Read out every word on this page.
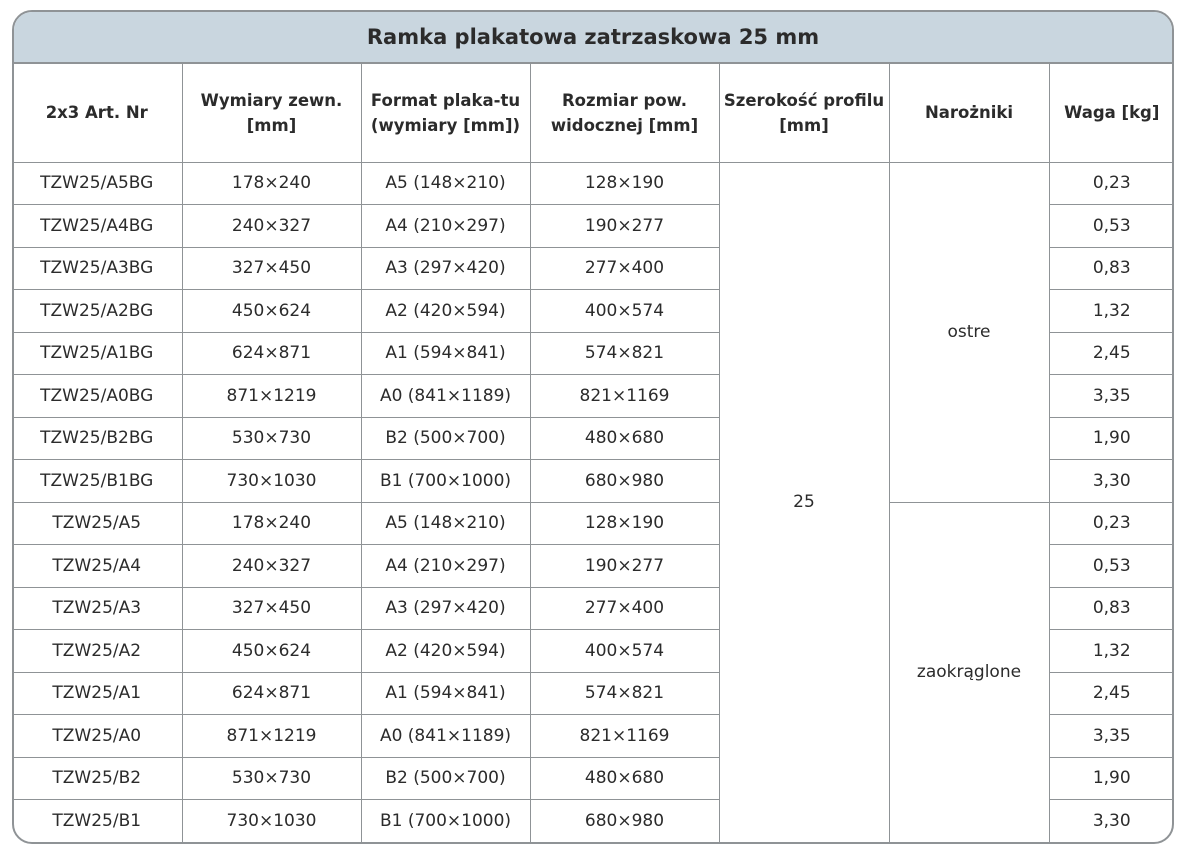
Ramka plakatowa zatrzaskowa 25 mm
2x3 Art. Nr	Wymiary zewn. [mm]	Format plaka-tu (wymiary [mm])	Rozmiar pow. widocznej [mm]	Szerokość profilu [mm]	Narożniki	Waga [kg]
TZW25/A5BG	178×240	A5 (148×210)	128×190	25	ostre	0,23
TZW25/A4BG	240×327	A4 (210×297)	190×277			0,53
TZW25/A3BG	327×450	A3 (297×420)	277×400			0,83
TZW25/A2BG	450×624	A2 (420×594)	400×574			1,32
TZW25/A1BG	624×871	A1 (594×841)	574×821			2,45
TZW25/A0BG	871×1219	A0 (841×1189)	821×1169			3,35
TZW25/B2BG	530×730	B2 (500×700)	480×680			1,90
TZW25/B1BG	730×1030	B1 (700×1000)	680×980			3,30
TZW25/A5	178×240	A5 (148×210)	128×190		zaokrąglone	0,23
TZW25/A4	240×327	A4 (210×297)	190×277			0,53
TZW25/A3	327×450	A3 (297×420)	277×400			0,83
TZW25/A2	450×624	A2 (420×594)	400×574			1,32
TZW25/A1	624×871	A1 (594×841)	574×821			2,45
TZW25/A0	871×1219	A0 (841×1189)	821×1169			3,35
TZW25/B2	530×730	B2 (500×700)	480×680			1,90
TZW25/B1	730×1030	B1 (700×1000)	680×980			3,30
